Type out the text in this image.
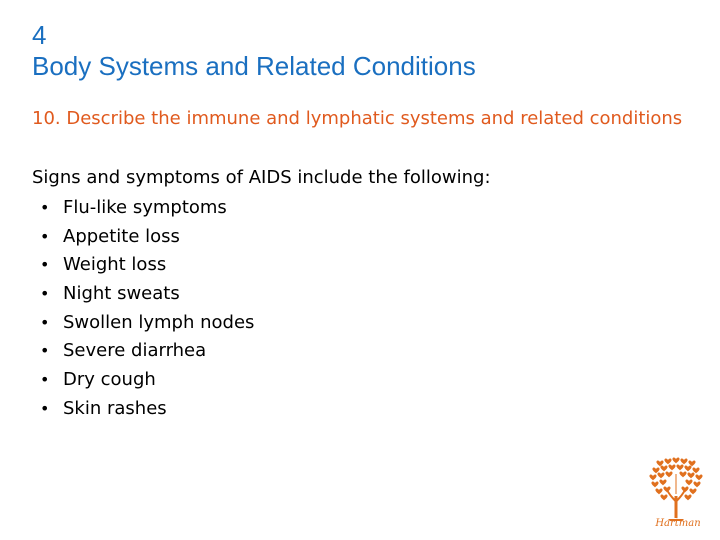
4
Body Systems and Related Conditions
10. Describe the immune and lymphatic systems and related conditions
Signs and symptoms of AIDS include the following:
• Flu-like symptoms
• Appetite loss
• Weight loss
• Night sweats
• Swollen lymph nodes
• Severe diarrhea
• Dry cough
• Skin rashes
Hartman
